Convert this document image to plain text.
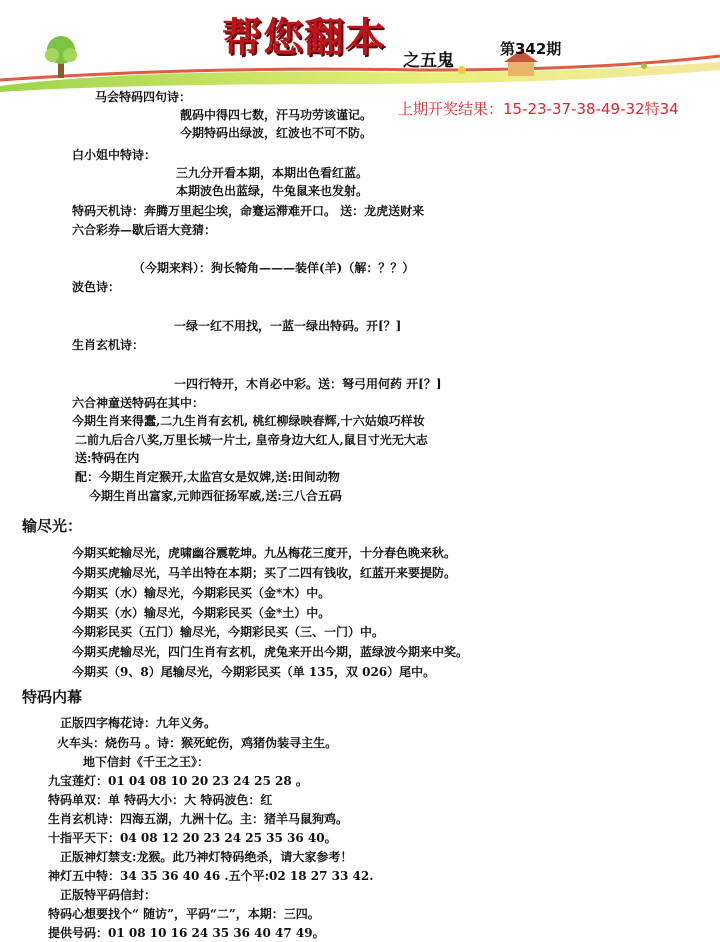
帮您翻本 之五鬼
第342期
上期开奖结果：15-23-37-38-49-32特34
马会特码四句诗：
靓码中得四七数，汗马功劳该谨记。
今期特码出绿波，红波也不可不防。
白小姐中特诗：
三九分开看本期，本期出色看红蓝。
本期波色出蓝绿，牛兔鼠来也发射。
特码天机诗：奔腾万里起尘埃，命蹇运滞难开口。 送：龙虎送财来
六合彩券—歇后语大竞猜：
（今期来料）：狗长犄角———装佯(羊)（解：？？）
波色诗：
一绿一红不用找，一蓝一绿出特码。开[？]
生肖玄机诗：
一四行特开，木肖必中彩。送：弩弓用何药 开[？]
六合神童送特码在其中：
今期生肖来得蠢,二九生肖有玄机, 桃红柳绿映春辉,十六姑娘巧样妆
二前九后合八奖,万里长城一片土, 皇帝身边大红人,鼠目寸光无大志
送:特码在内
配：今期生肖定猴开,太监宫女是奴婢,送:田间动物
今期生肖出富家,元帅西征扬军威,送:三八合五码
今期买蛇输尽光，虎啸幽谷震乾坤。九丛梅花三度开，十分春色晚来秋。
今期买虎输尽光，马羊出特在本期；买了二四有钱收，红蓝开来要提防。
今期买（水）输尽光，今期彩民买（金*木）中。
今期买（水）输尽光，今期彩民买（金*土）中。
今期彩民买（五门）输尽光，今期彩民买（三、一门）中。
今期买虎输尽光，四门生肖有玄机，虎兔来开出今期，蓝绿波今期来中奖。
今期买（9、8）尾输尽光，今期彩民买（单 135，双 026）尾中。
正版四字梅花诗：九年义务。
火车头：烧伤马 。诗：猴死蛇伤，鸡猪伪装寻主生。
地下信封《千王之王》：
九宝莲灯：01 04 08 10 20 23 24 25 28 。
特码单双：单 特码大小：大 特码波色：红
生肖玄机诗：四海五湖，九洲十亿。主：猪羊马鼠狗鸡。
十指平天下：04 08 12 20 23 24 25 35 36 40。
正版神灯禁支:龙猴。此乃神灯特码绝杀，请大家参考！
神灯五中特：34 35 36 40 46 .五个平:02 18 27 33 42.
正版特平码信封：
特码心想要找个“ 随访”，平码“二”，本期：三四。
提供号码：01 08 10 16 24 35 36 40 47 49。
输尽光：
特码内幕
